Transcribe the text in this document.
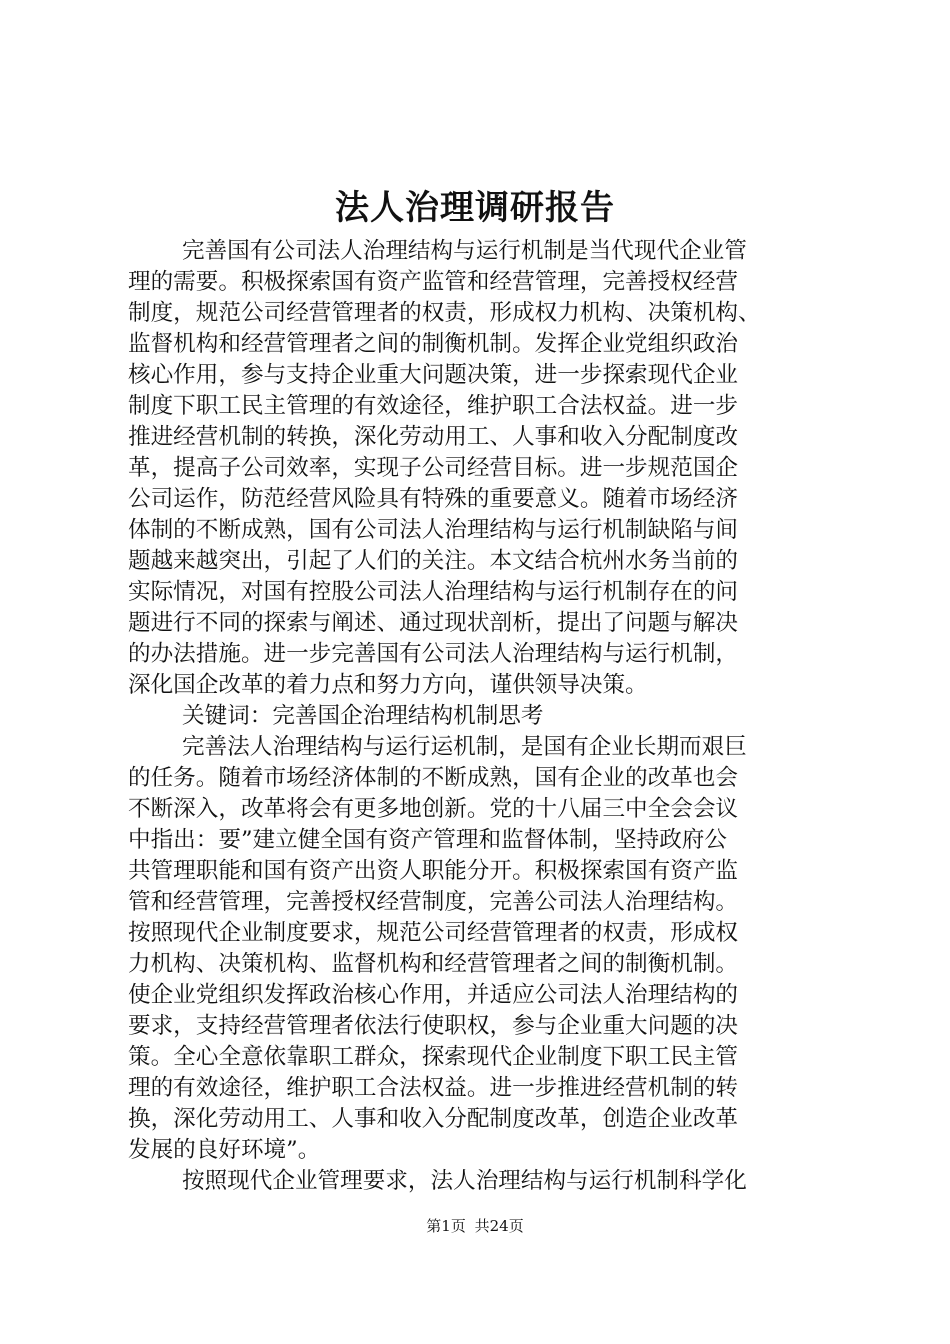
法人治理调研报告
完善国有公司法人治理结构与运行机制是当代现代企业管
理的需要。积极探索国有资产监管和经营管理，完善授权经营
制度，规范公司经营管理者的权责，形成权力机构、决策机构、
监督机构和经营管理者之间的制衡机制。发挥企业党组织政治
核心作用，参与支持企业重大问题决策，进一步探索现代企业
制度下职工民主管理的有效途径，维护职工合法权益。进一步
推进经营机制的转换，深化劳动用工、人事和收入分配制度改
革，提高子公司效率，实现子公司经营目标。进一步规范国企
公司运作，防范经营风险具有特殊的重要意义。随着市场经济
体制的不断成熟，国有公司法人治理结构与运行机制缺陷与间
题越来越突出，引起了人们的关注。本文结合杭州水务当前的
实际情况，对国有控股公司法人治理结构与运行机制存在的问
题进行不同的探索与阐述、通过现状剖析，提出了问题与解决
的办法措施。进一步完善国有公司法人治理结构与运行机制，
深化国企改革的着力点和努力方向，谨供领导决策。
关键词：完善国企治理结构机制思考
完善法人治理结构与运行运机制，是国有企业长期而艰巨
的任务。随着市场经济体制的不断成熟，国有企业的改革也会
不断深入，改革将会有更多地创新。党的十八届三中全会会议
中指出：要”建立健全国有资产管理和监督体制，坚持政府公
共管理职能和国有资产出资人职能分开。积极探索国有资产监
管和经营管理，完善授权经营制度，完善公司法人治理结构。
按照现代企业制度要求，规范公司经营管理者的权责，形成权
力机构、决策机构、监督机构和经营管理者之间的制衡机制。
使企业党组织发挥政治核心作用，并适应公司法人治理结构的
要求，支持经营管理者依法行使职权，参与企业重大问题的决
策。全心全意依靠职工群众，探索现代企业制度下职工民主管
理的有效途径，维护职工合法权益。进一步推进经营机制的转
换，深化劳动用工、人事和收入分配制度改革，创造企业改革
发展的良好环境”。
按照现代企业管理要求，法人治理结构与运行机制科学化
第1页 共24页
